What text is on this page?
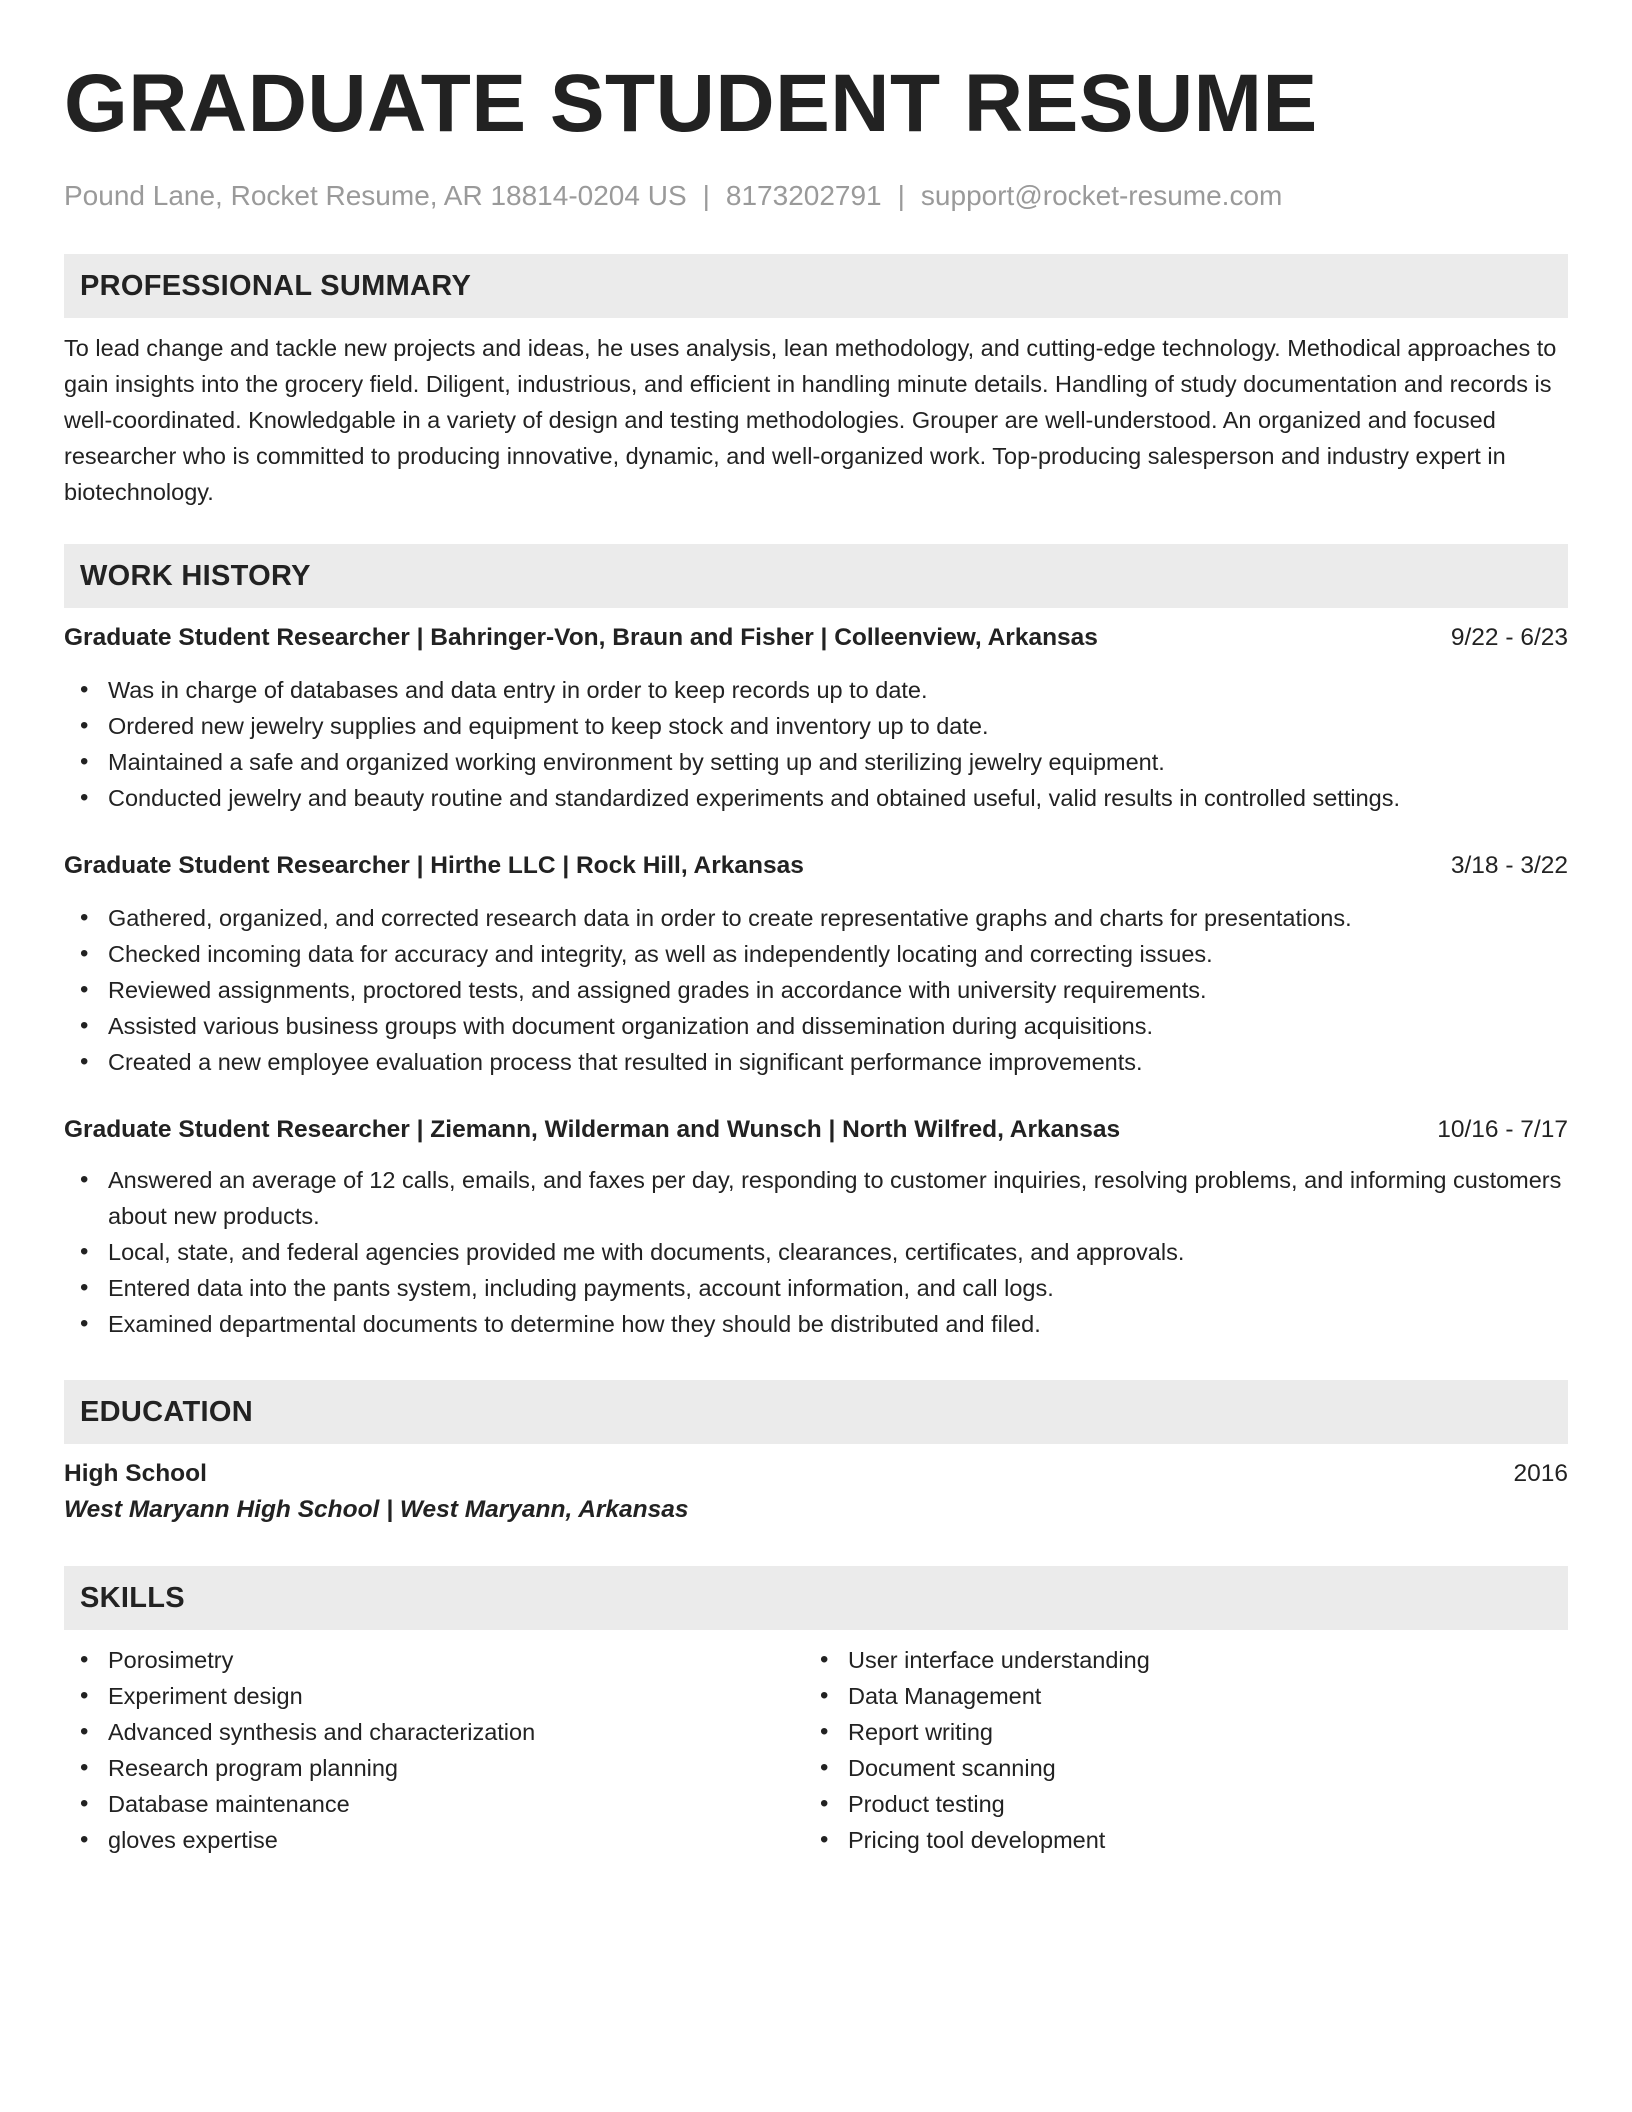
GRADUATE STUDENT RESUME
Pound Lane, Rocket Resume, AR 18814-0204 US | 8173202791 | support@rocket-resume.com
PROFESSIONAL SUMMARY
To lead change and tackle new projects and ideas, he uses analysis, lean methodology, and cutting-edge technology. Methodical approaches to gain insights into the grocery field. Diligent, industrious, and efficient in handling minute details. Handling of study documentation and records is well-coordinated. Knowledgable in a variety of design and testing methodologies. Grouper are well-understood. An organized and focused researcher who is committed to producing innovative, dynamic, and well-organized work. Top-producing salesperson and industry expert in biotechnology.
WORK HISTORY
Graduate Student Researcher | Bahringer-Von, Braun and Fisher | Colleenview, Arkansas	9/22 - 6/23
• Was in charge of databases and data entry in order to keep records up to date.
• Ordered new jewelry supplies and equipment to keep stock and inventory up to date.
• Maintained a safe and organized working environment by setting up and sterilizing jewelry equipment.
• Conducted jewelry and beauty routine and standardized experiments and obtained useful, valid results in controlled settings.
Graduate Student Researcher | Hirthe LLC | Rock Hill, Arkansas	3/18 - 3/22
• Gathered, organized, and corrected research data in order to create representative graphs and charts for presentations.
• Checked incoming data for accuracy and integrity, as well as independently locating and correcting issues.
• Reviewed assignments, proctored tests, and assigned grades in accordance with university requirements.
• Assisted various business groups with document organization and dissemination during acquisitions.
• Created a new employee evaluation process that resulted in significant performance improvements.
Graduate Student Researcher | Ziemann, Wilderman and Wunsch | North Wilfred, Arkansas	10/16 - 7/17
• Answered an average of 12 calls, emails, and faxes per day, responding to customer inquiries, resolving problems, and informing customers about new products.
• Local, state, and federal agencies provided me with documents, clearances, certificates, and approvals.
• Entered data into the pants system, including payments, account information, and call logs.
• Examined departmental documents to determine how they should be distributed and filed.
EDUCATION
High School	2016
West Maryann High School | West Maryann, Arkansas
SKILLS
• Porosimetry
• Experiment design
• Advanced synthesis and characterization
• Research program planning
• Database maintenance
• gloves expertise
• User interface understanding
• Data Management
• Report writing
• Document scanning
• Product testing
• Pricing tool development
